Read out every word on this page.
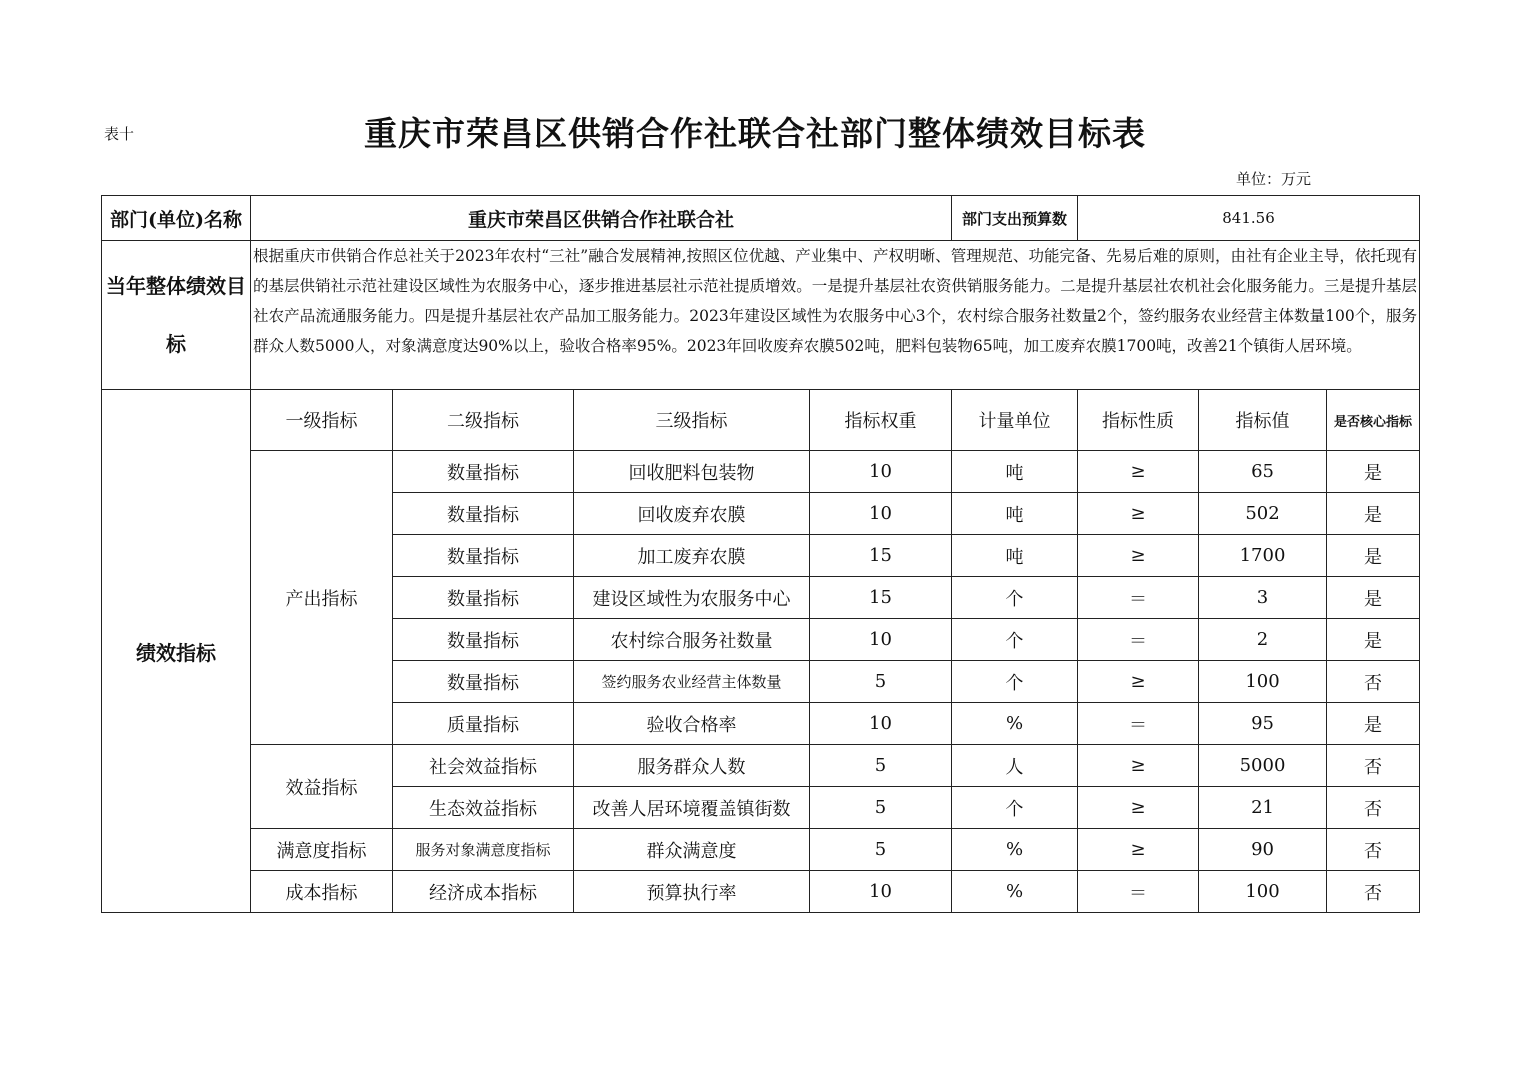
表十	重庆市荣昌区供销合作社联合社部门整体绩效目标表
单位：万元
部门(单位)名称	重庆市荣昌区供销合作社联合社				部门支出预算数	841.56		
当年整体绩效目标	根据重庆市供销合作总社关于2023年农村“三社”融合发展精神,按照区位优越、产业集中、产权明晰、管理规范、功能完备、先易后难的原则，由社有企业主导，依托现有的基层供销社示范社建设区域性为农服务中心，逐步推进基层社示范社提质增效。一是提升基层社农资供销服务能力。二是提升基层社农机社会化服务能力。三是提升基层社农产品流通服务能力。四是提升基层社农产品加工服务能力。2023年建设区域性为农服务中心3个，农村综合服务社数量2个，签约服务农业经营主体数量100个，服务群众人数5000人，对象满意度达90%以上，验收合格率95%。2023年回收废弃农膜502吨，肥料包装物65吨，加工废弃农膜1700吨，改善21个镇街人居环境。							
绩效指标	一级指标	二级指标	三级指标	指标权重	计量单位	指标性质	指标值	是否核心指标
	产出指标	数量指标	回收肥料包装物	10	吨	≥	65	是
		数量指标	回收废弃农膜	10	吨	≥	502	是
		数量指标	加工废弃农膜	15	吨	≥	1700	是
		数量指标	建设区域性为农服务中心	15	个	＝	3	是
		数量指标	农村综合服务社数量	10	个	＝	2	是
		数量指标	签约服务农业经营主体数量	5	个	≥	100	否
		质量指标	验收合格率	10	%	＝	95	是
	效益指标	社会效益指标	服务群众人数	5	人	≥	5000	否
		生态效益指标	改善人居环境覆盖镇街数	5	个	≥	21	否
	满意度指标	服务对象满意度指标	群众满意度	5	%	≥	90	否
	成本指标	经济成本指标	预算执行率	10	%	＝	100	否
